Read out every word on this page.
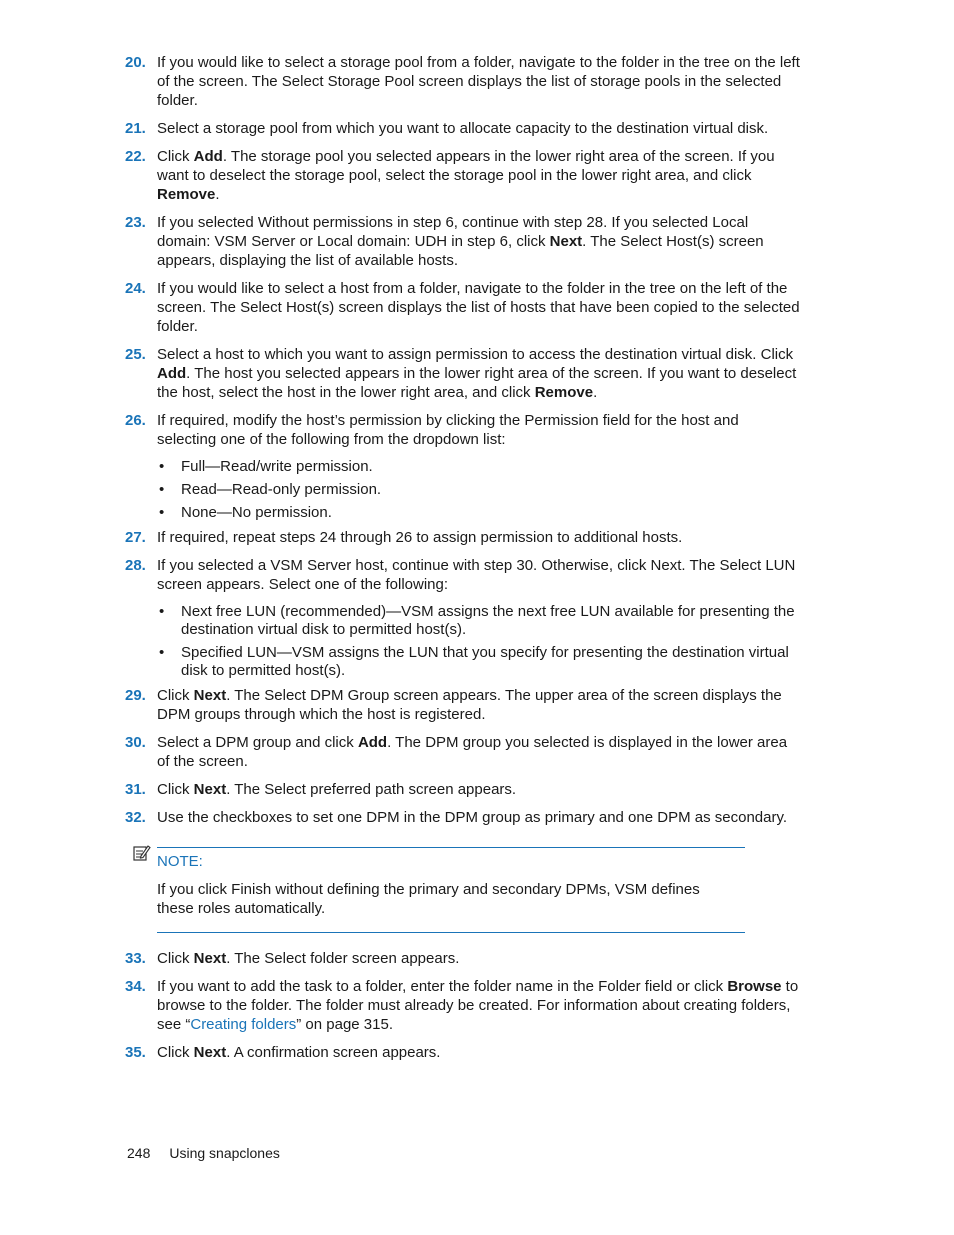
20. If you would like to select a storage pool from a folder, navigate to the folder in the tree on the left of the screen. The Select Storage Pool screen displays the list of storage pools in the selected folder.
21. Select a storage pool from which you want to allocate capacity to the destination virtual disk.
22. Click Add. The storage pool you selected appears in the lower right area of the screen. If you want to deselect the storage pool, select the storage pool in the lower right area, and click Remove.
23. If you selected Without permissions in step 6, continue with step 28. If you selected Local domain: VSM Server or Local domain: UDH in step 6, click Next. The Select Host(s) screen appears, displaying the list of available hosts.
24. If you would like to select a host from a folder, navigate to the folder in the tree on the left of the screen. The Select Host(s) screen displays the list of hosts that have been copied to the selected folder.
25. Select a host to which you want to assign permission to access the destination virtual disk. Click Add. The host you selected appears in the lower right area of the screen. If you want to deselect the host, select the host in the lower right area, and click Remove.
26. If required, modify the host’s permission by clicking the Permission field for the host and selecting one of the following from the dropdown list:
• Full—Read/write permission.
• Read—Read-only permission.
• None—No permission.
27. If required, repeat steps 24 through 26 to assign permission to additional hosts.
28. If you selected a VSM Server host, continue with step 30. Otherwise, click Next. The Select LUN screen appears. Select one of the following:
• Next free LUN (recommended)—VSM assigns the next free LUN available for presenting the destination virtual disk to permitted host(s).
• Specified LUN—VSM assigns the LUN that you specify for presenting the destination virtual disk to permitted host(s).
29. Click Next. The Select DPM Group screen appears. The upper area of the screen displays the DPM groups through which the host is registered.
30. Select a DPM group and click Add. The DPM group you selected is displayed in the lower area of the screen.
31. Click Next. The Select preferred path screen appears.
32. Use the checkboxes to set one DPM in the DPM group as primary and one DPM as secondary.
NOTE:
If you click Finish without defining the primary and secondary DPMs, VSM defines these roles automatically.
33. Click Next. The Select folder screen appears.
34. If you want to add the task to a folder, enter the folder name in the Folder field or click Browse to browse to the folder. The folder must already be created. For information about creating folders, see “Creating folders” on page 315.
35. Click Next. A confirmation screen appears.
248 Using snapclones
